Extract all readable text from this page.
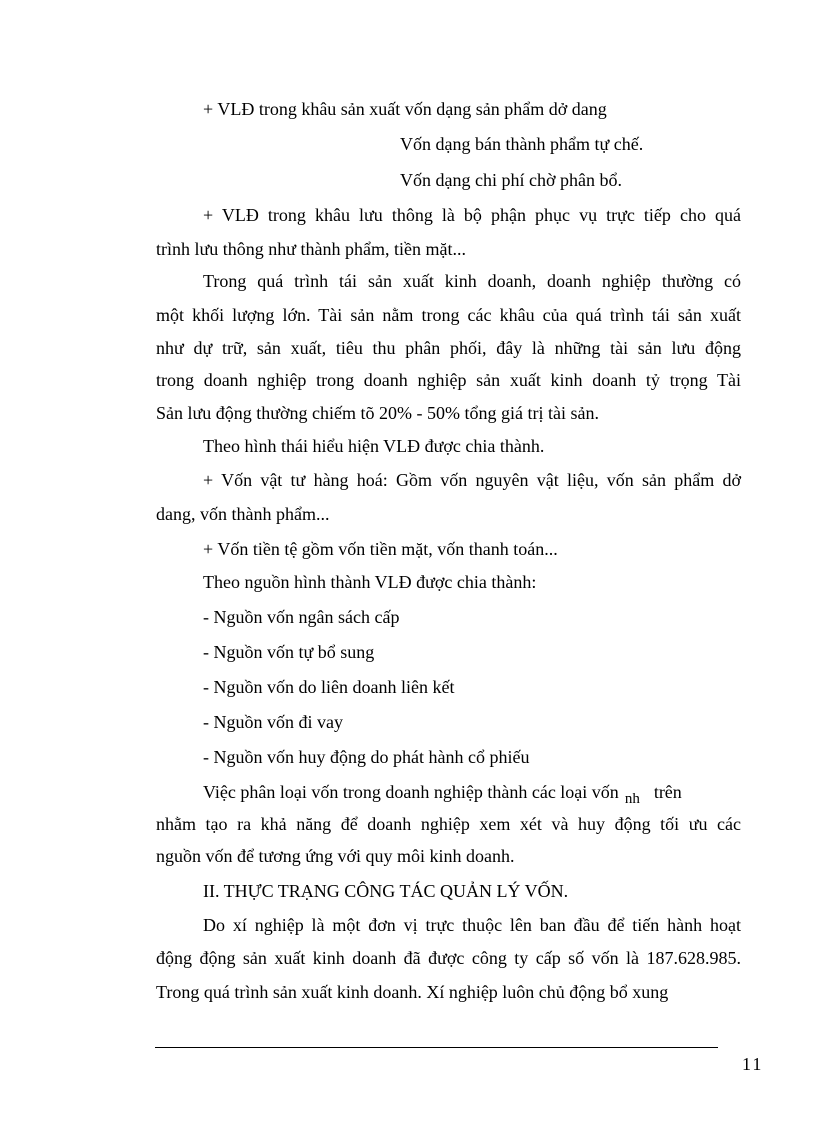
+ VLĐ trong khâu sản xuất vốn dạng sản phẩm dở dang
Vốn dạng bán thành phẩm tự chế.
Vốn dạng chi phí chờ phân bổ.
+ VLĐ trong khâu lưu thông là bộ phận phục vụ trực tiếp cho quá
trình lưu thông như thành phẩm, tiền mặt...
Trong quá trình tái sản xuất kinh doanh, doanh nghiệp thường có
một khối lượng lớn. Tài sản nằm trong các khâu của quá trình tái sản xuất
như dự trữ, sản xuất, tiêu thu phân phối, đây là những tài sản lưu động
trong doanh nghiệp trong doanh nghiệp sản xuất kinh doanh tỷ trọng Tài
Sản lưu động thường chiếm tõ 20% - 50% tổng giá trị tài sản.
Theo hình thái hiểu hiện VLĐ được chia thành.
+ Vốn vật tư hàng hoá: Gồm vốn nguyên vật liệu, vốn sản phẩm dở
dang, vốn thành phẩm...
+ Vốn tiền tệ gồm vốn tiền mặt, vốn thanh toán...
Theo nguồn hình thành VLĐ được chia thành:
- Nguồn vốn ngân sách cấp
- Nguồn vốn tự bổ sung
- Nguồn vốn do liên doanh liên kết
- Nguồn vốn đi vay
- Nguồn vốn huy động do phát hành cổ phiếu
Việc phân loại vốn trong doanh nghiệp thành các loại vốn $_{nh}$ trên
nhằm tạo ra khả năng để doanh nghiệp xem xét và huy động tối ưu các
nguồn vốn để tương ứng với quy môi kinh doanh.
II. THỰC TRẠNG CÔNG TÁC QUẢN LÝ VỐN.
Do xí nghiệp là một đơn vị trực thuộc lên ban đầu để tiến hành hoạt
động động sản xuất kinh doanh đã được công ty cấp số vốn là 187.628.985.
Trong quá trình sản xuất kinh doanh. Xí nghiệp luôn chủ động bổ xung
11
